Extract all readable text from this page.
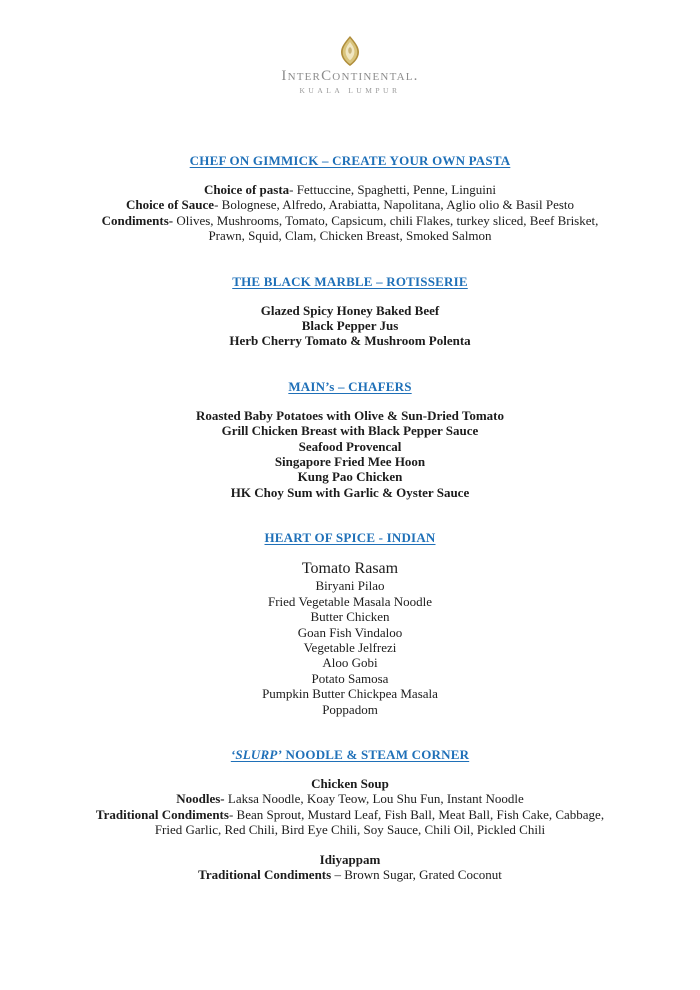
InterContinental.
KUALA LUMPUR
CHEF ON GIMMICK – CREATE YOUR OWN PASTA
Choice of pasta- Fettuccine, Spaghetti, Penne, Linguini
Choice of Sauce- Bolognese, Alfredo, Arabiatta, Napolitana, Aglio olio & Basil Pesto
Condiments- Olives, Mushrooms, Tomato, Capsicum, chili Flakes, turkey sliced, Beef Brisket,
Prawn, Squid, Clam, Chicken Breast, Smoked Salmon
THE BLACK MARBLE – ROTISSERIE
Glazed Spicy Honey Baked Beef
Black Pepper Jus
Herb Cherry Tomato & Mushroom Polenta
MAIN’s – CHAFERS
Roasted Baby Potatoes with Olive & Sun-Dried Tomato
Grill Chicken Breast with Black Pepper Sauce
Seafood Provencal
Singapore Fried Mee Hoon
Kung Pao Chicken
HK Choy Sum with Garlic & Oyster Sauce
HEART OF SPICE - INDIAN
Tomato Rasam
Biryani Pilao
Fried Vegetable Masala Noodle
Butter Chicken
Goan Fish Vindaloo
Vegetable Jelfrezi
Aloo Gobi
Potato Samosa
Pumpkin Butter Chickpea Masala
Poppadom
‘SLURP’ NOODLE & STEAM CORNER
Chicken Soup
Noodles- Laksa Noodle, Koay Teow, Lou Shu Fun, Instant Noodle
Traditional Condiments- Bean Sprout, Mustard Leaf, Fish Ball, Meat Ball, Fish Cake, Cabbage,
Fried Garlic, Red Chili, Bird Eye Chili, Soy Sauce, Chili Oil, Pickled Chili
Idiyappam
Traditional Condiments – Brown Sugar, Grated Coconut
